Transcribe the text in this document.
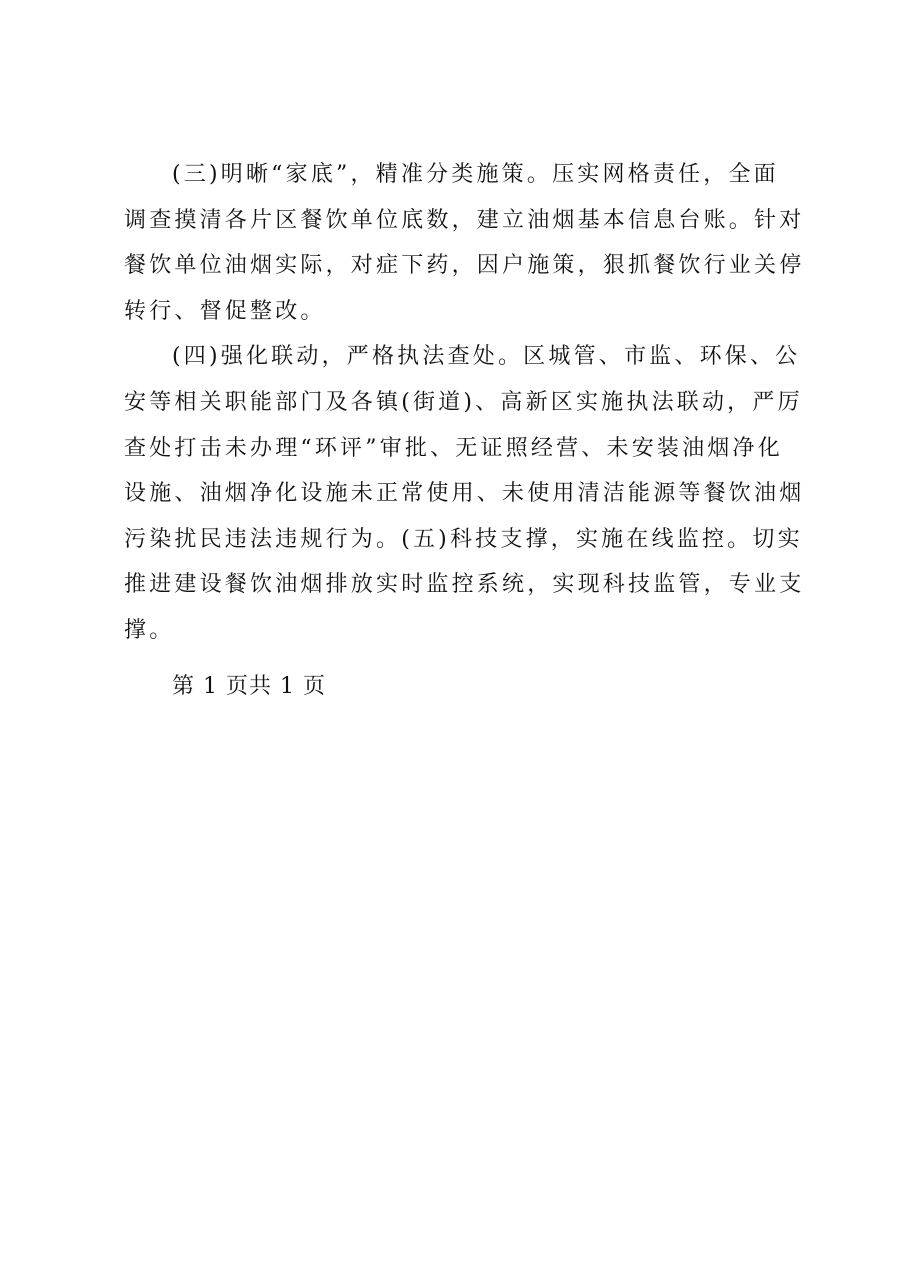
(三)明晰“家底”，精准分类施策。压实网格责任，全面
调查摸清各片区餐饮单位底数，建立油烟基本信息台账。针对
餐饮单位油烟实际，对症下药，因户施策，狠抓餐饮行业关停
转行、督促整改。

(四)强化联动，严格执法查处。区城管、市监、环保、公
安等相关职能部门及各镇(街道)、高新区实施执法联动，严厉
查处打击未办理“环评”审批、无证照经营、未安装油烟净化
设施、油烟净化设施未正常使用、未使用清洁能源等餐饮油烟
污染扰民违法违规行为。(五)科技支撑，实施在线监控。切实
推进建设餐饮油烟排放实时监控系统，实现科技监管，专业支
撑。

第 1 页共 1 页
